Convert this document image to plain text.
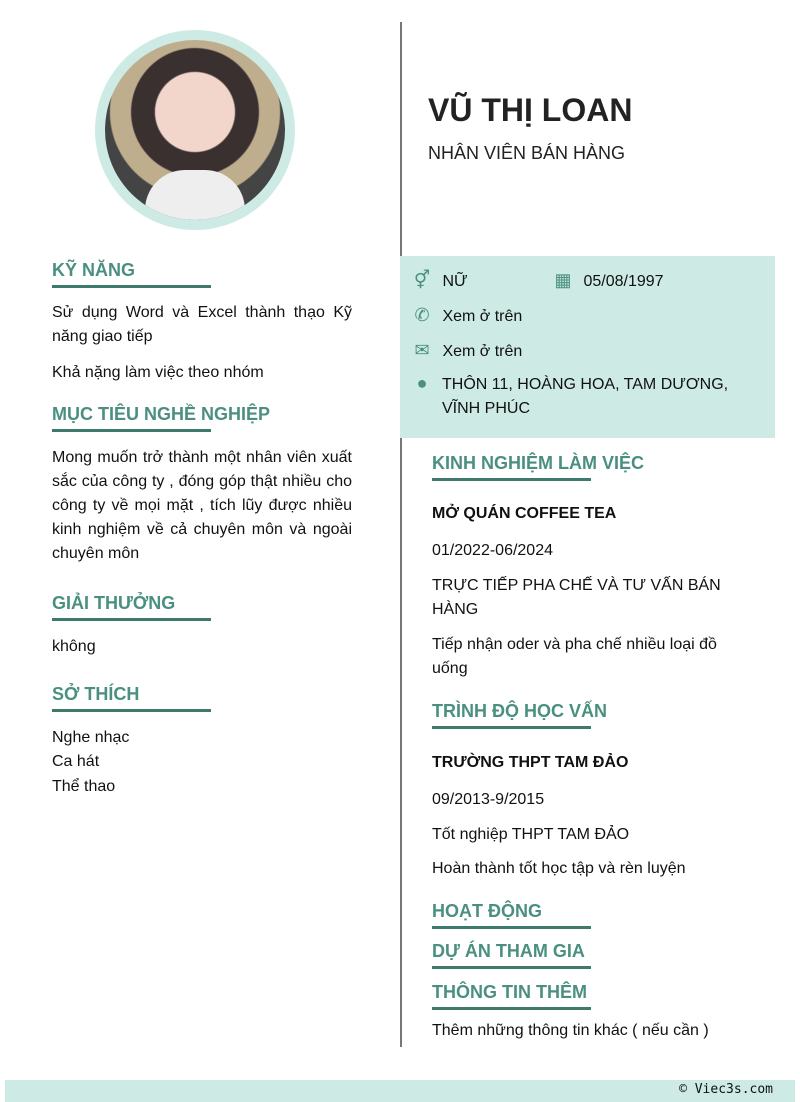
VŨ THỊ LOAN
NHÂN VIÊN BÁN HÀNG
⚥ NỮ	▦ 05/08/1997
✆ Xem ở trên
✉ Xem ở trên
● THÔN 11, HOÀNG HOA, TAM DƯƠNG, VĨNH PHÚC
KỸ NĂNG
Sử dụng Word và Excel thành thạo Kỹ năng giao tiếp
Khả nặng làm việc theo nhóm
MỤC TIÊU NGHỀ NGHIỆP
Mong muốn trở thành một nhân viên xuất sắc của công ty , đóng góp thật nhiều cho công ty về mọi mặt , tích lũy được nhiều kinh nghiệm về cả chuyên môn và ngoài chuyên môn
GIẢI THƯỞNG
không
SỞ THÍCH
Nghe nhạc
Ca hát
Thể thao
KINH NGHIỆM LÀM VIỆC
MỞ QUÁN COFFEE TEA
01/2022-06/2024
TRỰC TIẾP PHA CHẾ VÀ TƯ VẤN BÁN HÀNG
Tiếp nhận oder và pha chế nhiều loại đồ uống
TRÌNH ĐỘ HỌC VẤN
TRƯỜNG THPT TAM ĐẢO
09/2013-9/2015
Tốt nghiệp THPT TAM ĐẢO
Hoàn thành tốt học tập và rèn luyện
HOẠT ĐỘNG
DỰ ÁN THAM GIA
THÔNG TIN THÊM
Thêm những thông tin khác ( nếu cần )
© Viec3s.com
